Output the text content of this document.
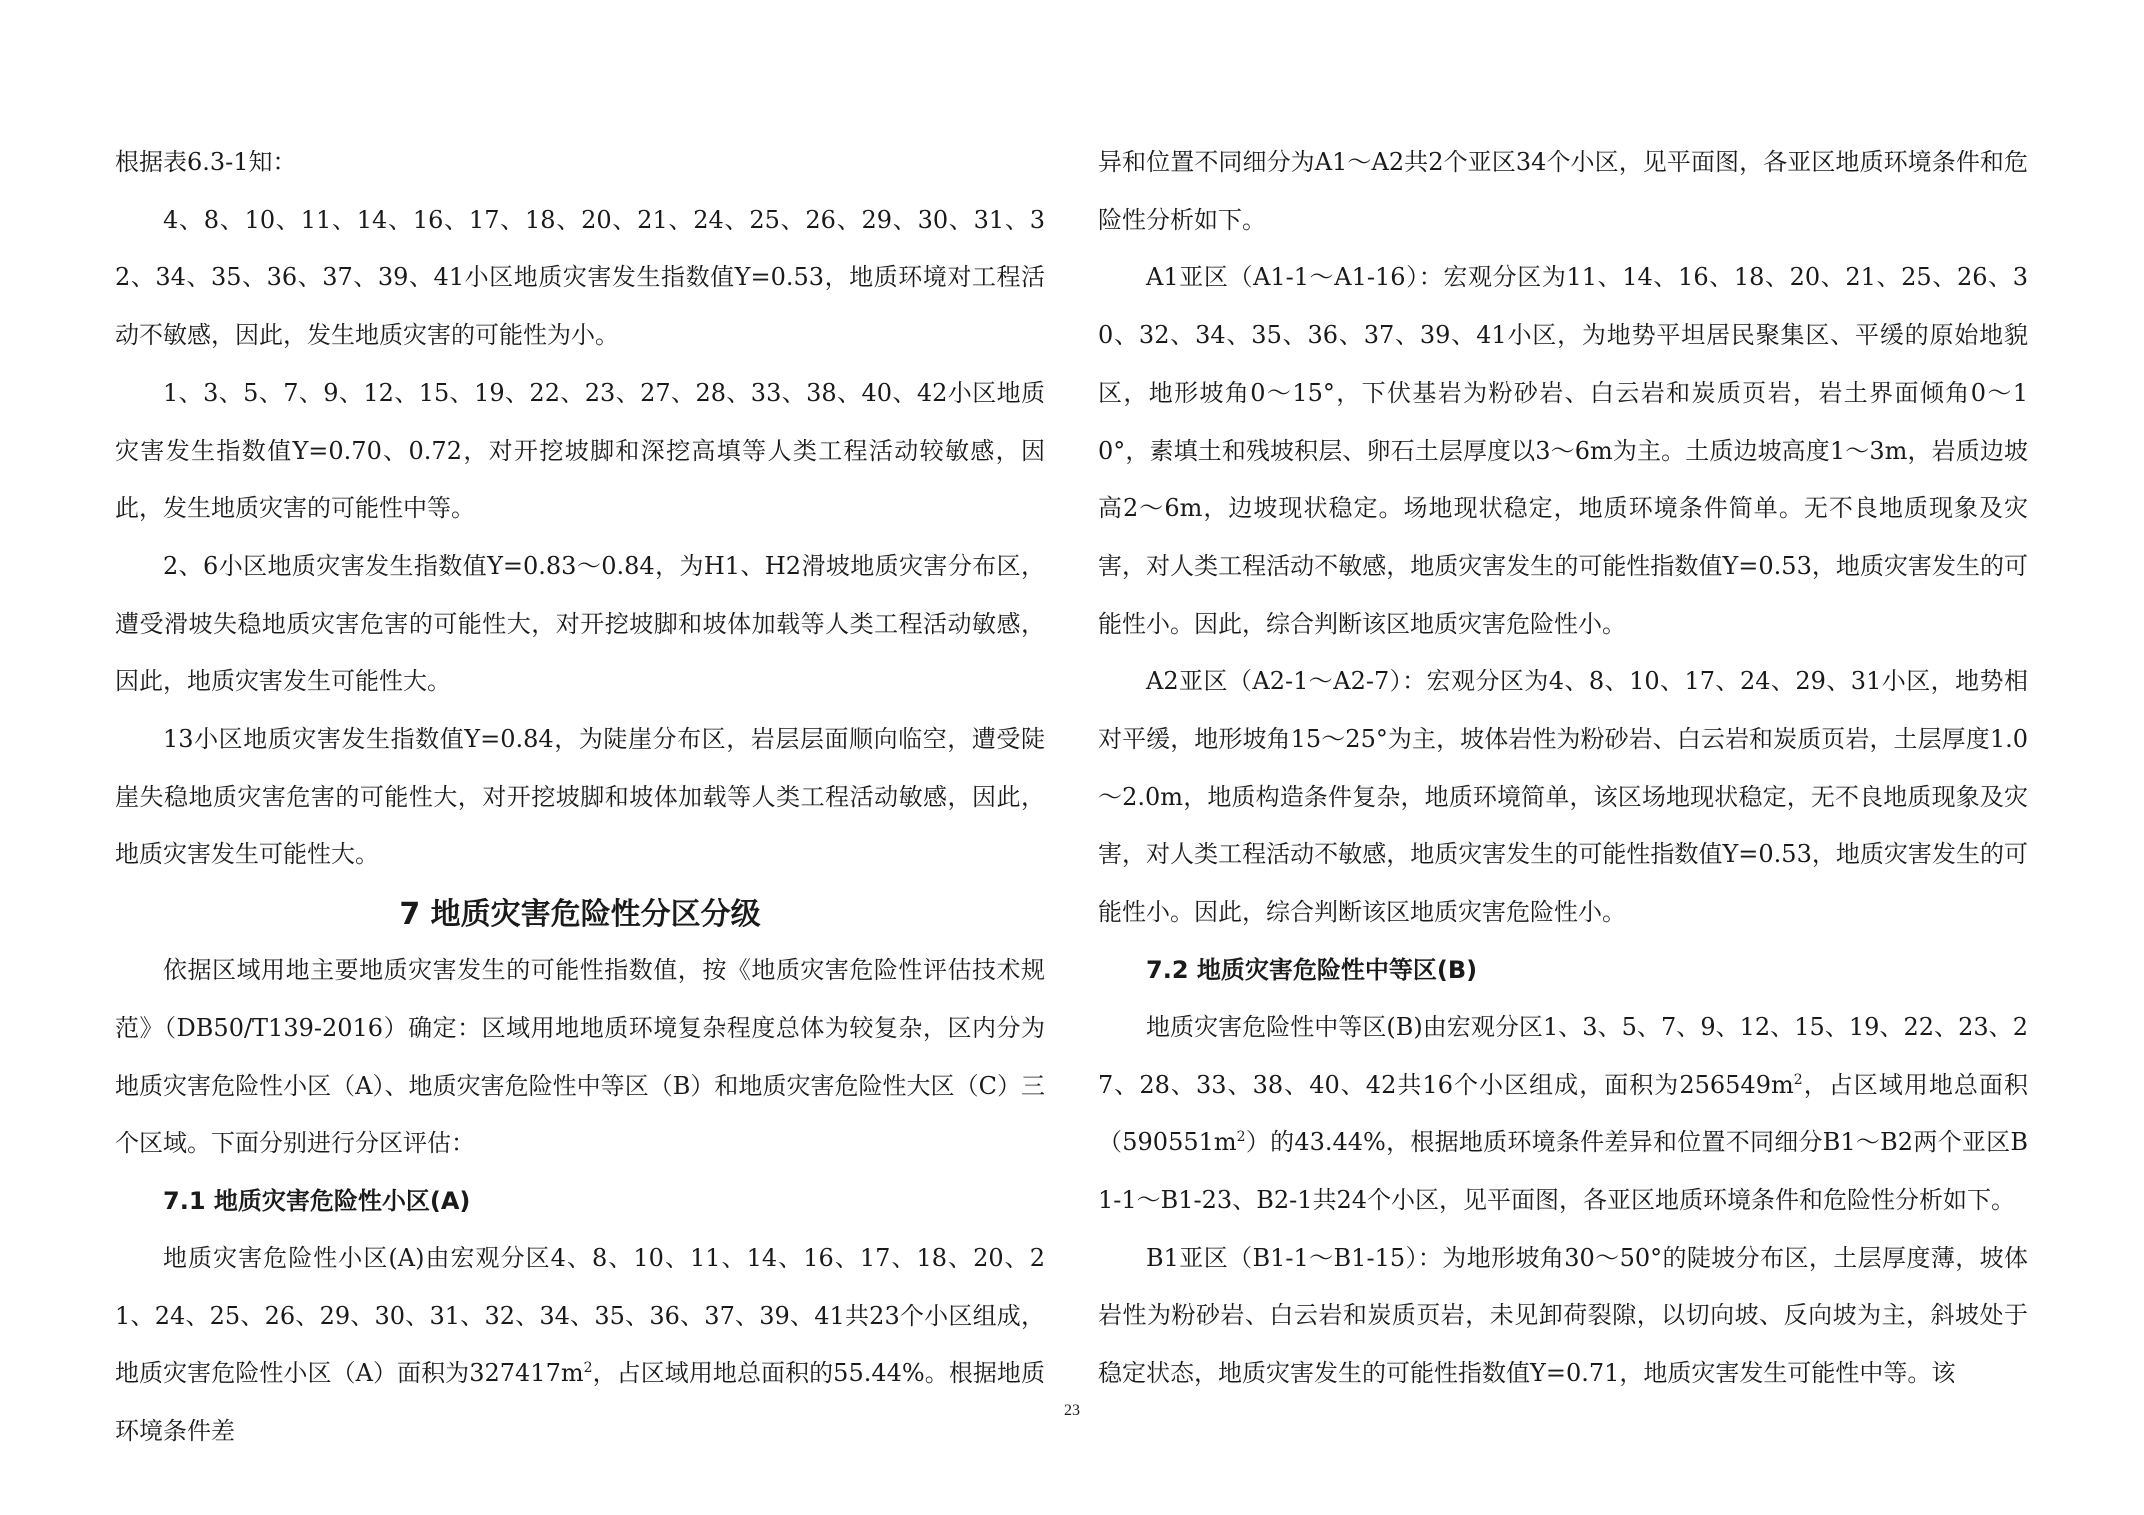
根据表6.3-1知：

4、8、10、11、14、16、17、18、20、21、24、25、26、29、30、31、32、34、35、36、37、39、41小区地质灾害发生指数值Y=0.53，地质环境对工程活动不敏感，因此，发生地质灾害的可能性为小。

1、3、5、7、9、12、15、19、22、23、27、28、33、38、40、42小区地质灾害发生指数值Y=0.70、0.72，对开挖坡脚和深挖高填等人类工程活动较敏感，因此，发生地质灾害的可能性中等。

2、6小区地质灾害发生指数值Y=0.83～0.84，为H1、H2滑坡地质灾害分布区，遭受滑坡失稳地质灾害危害的可能性大，对开挖坡脚和坡体加载等人类工程活动敏感，因此，地质灾害发生可能性大。

13小区地质灾害发生指数值Y=0.84，为陡崖分布区，岩层层面顺向临空，遭受陡崖失稳地质灾害危害的可能性大，对开挖坡脚和坡体加载等人类工程活动敏感，因此，地质灾害发生可能性大。

7 地质灾害危险性分区分级

依据区域用地主要地质灾害发生的可能性指数值，按《地质灾害危险性评估技术规范》（DB50/T139-2016）确定：区域用地地质环境复杂程度总体为较复杂，区内分为地质灾害危险性小区（A）、地质灾害危险性中等区（B）和地质灾害危险性大区（C）三个区域。下面分别进行分区评估：

7.1 地质灾害危险性小区(A)

地质灾害危险性小区(A)由宏观分区4、8、10、11、14、16、17、18、20、21、24、25、26、29、30、31、32、34、35、36、37、39、41共23个小区组成，地质灾害危险性小区（A）面积为$327417m^2$，占区域用地总面积的55.44%。根据地质环境条件差

异和位置不同细分为A1～A2共2个亚区34个小区，见平面图，各亚区地质环境条件和危险性分析如下。

A1亚区（A1-1～A1-16）：宏观分区为11、14、16、18、20、21、25、26、30、32、34、35、36、37、39、41小区，为地势平坦居民聚集区、平缓的原始地貌区，地形坡角0～15°，下伏基岩为粉砂岩、白云岩和炭质页岩，岩土界面倾角0～10°，素填土和残坡积层、卵石土层厚度以3～6m为主。土质边坡高度1～3m，岩质边坡高2～6m，边坡现状稳定。场地现状稳定，地质环境条件简单。无不良地质现象及灾害，对人类工程活动不敏感，地质灾害发生的可能性指数值Y=0.53，地质灾害发生的可能性小。因此，综合判断该区地质灾害危险性小。

A2亚区（A2-1～A2-7）：宏观分区为4、8、10、17、24、29、31小区，地势相对平缓，地形坡角15～25°为主，坡体岩性为粉砂岩、白云岩和炭质页岩，土层厚度1.0～2.0m，地质构造条件复杂，地质环境简单，该区场地现状稳定，无不良地质现象及灾害，对人类工程活动不敏感，地质灾害发生的可能性指数值Y=0.53，地质灾害发生的可能性小。因此，综合判断该区地质灾害危险性小。

7.2 地质灾害危险性中等区(B)

地质灾害危险性中等区(B)由宏观分区1、3、5、7、9、12、15、19、22、23、27、28、33、38、40、42共16个小区组成，面积为$256549m^2$，占区域用地总面积$(590551m^2)$的43.44%，根据地质环境条件差异和位置不同细分B1～B2两个亚区B1-1～B1-23、B2-1共24个小区，见平面图，各亚区地质环境条件和危险性分析如下。

B1亚区（B1-1～B1-15）：为地形坡角30～50°的陡坡分布区，土层厚度薄，坡体岩性为粉砂岩、白云岩和炭质页岩，未见卸荷裂隙，以切向坡、反向坡为主，斜坡处于稳定状态，地质灾害发生的可能性指数值Y=0.71，地质灾害发生可能性中等。该

23
